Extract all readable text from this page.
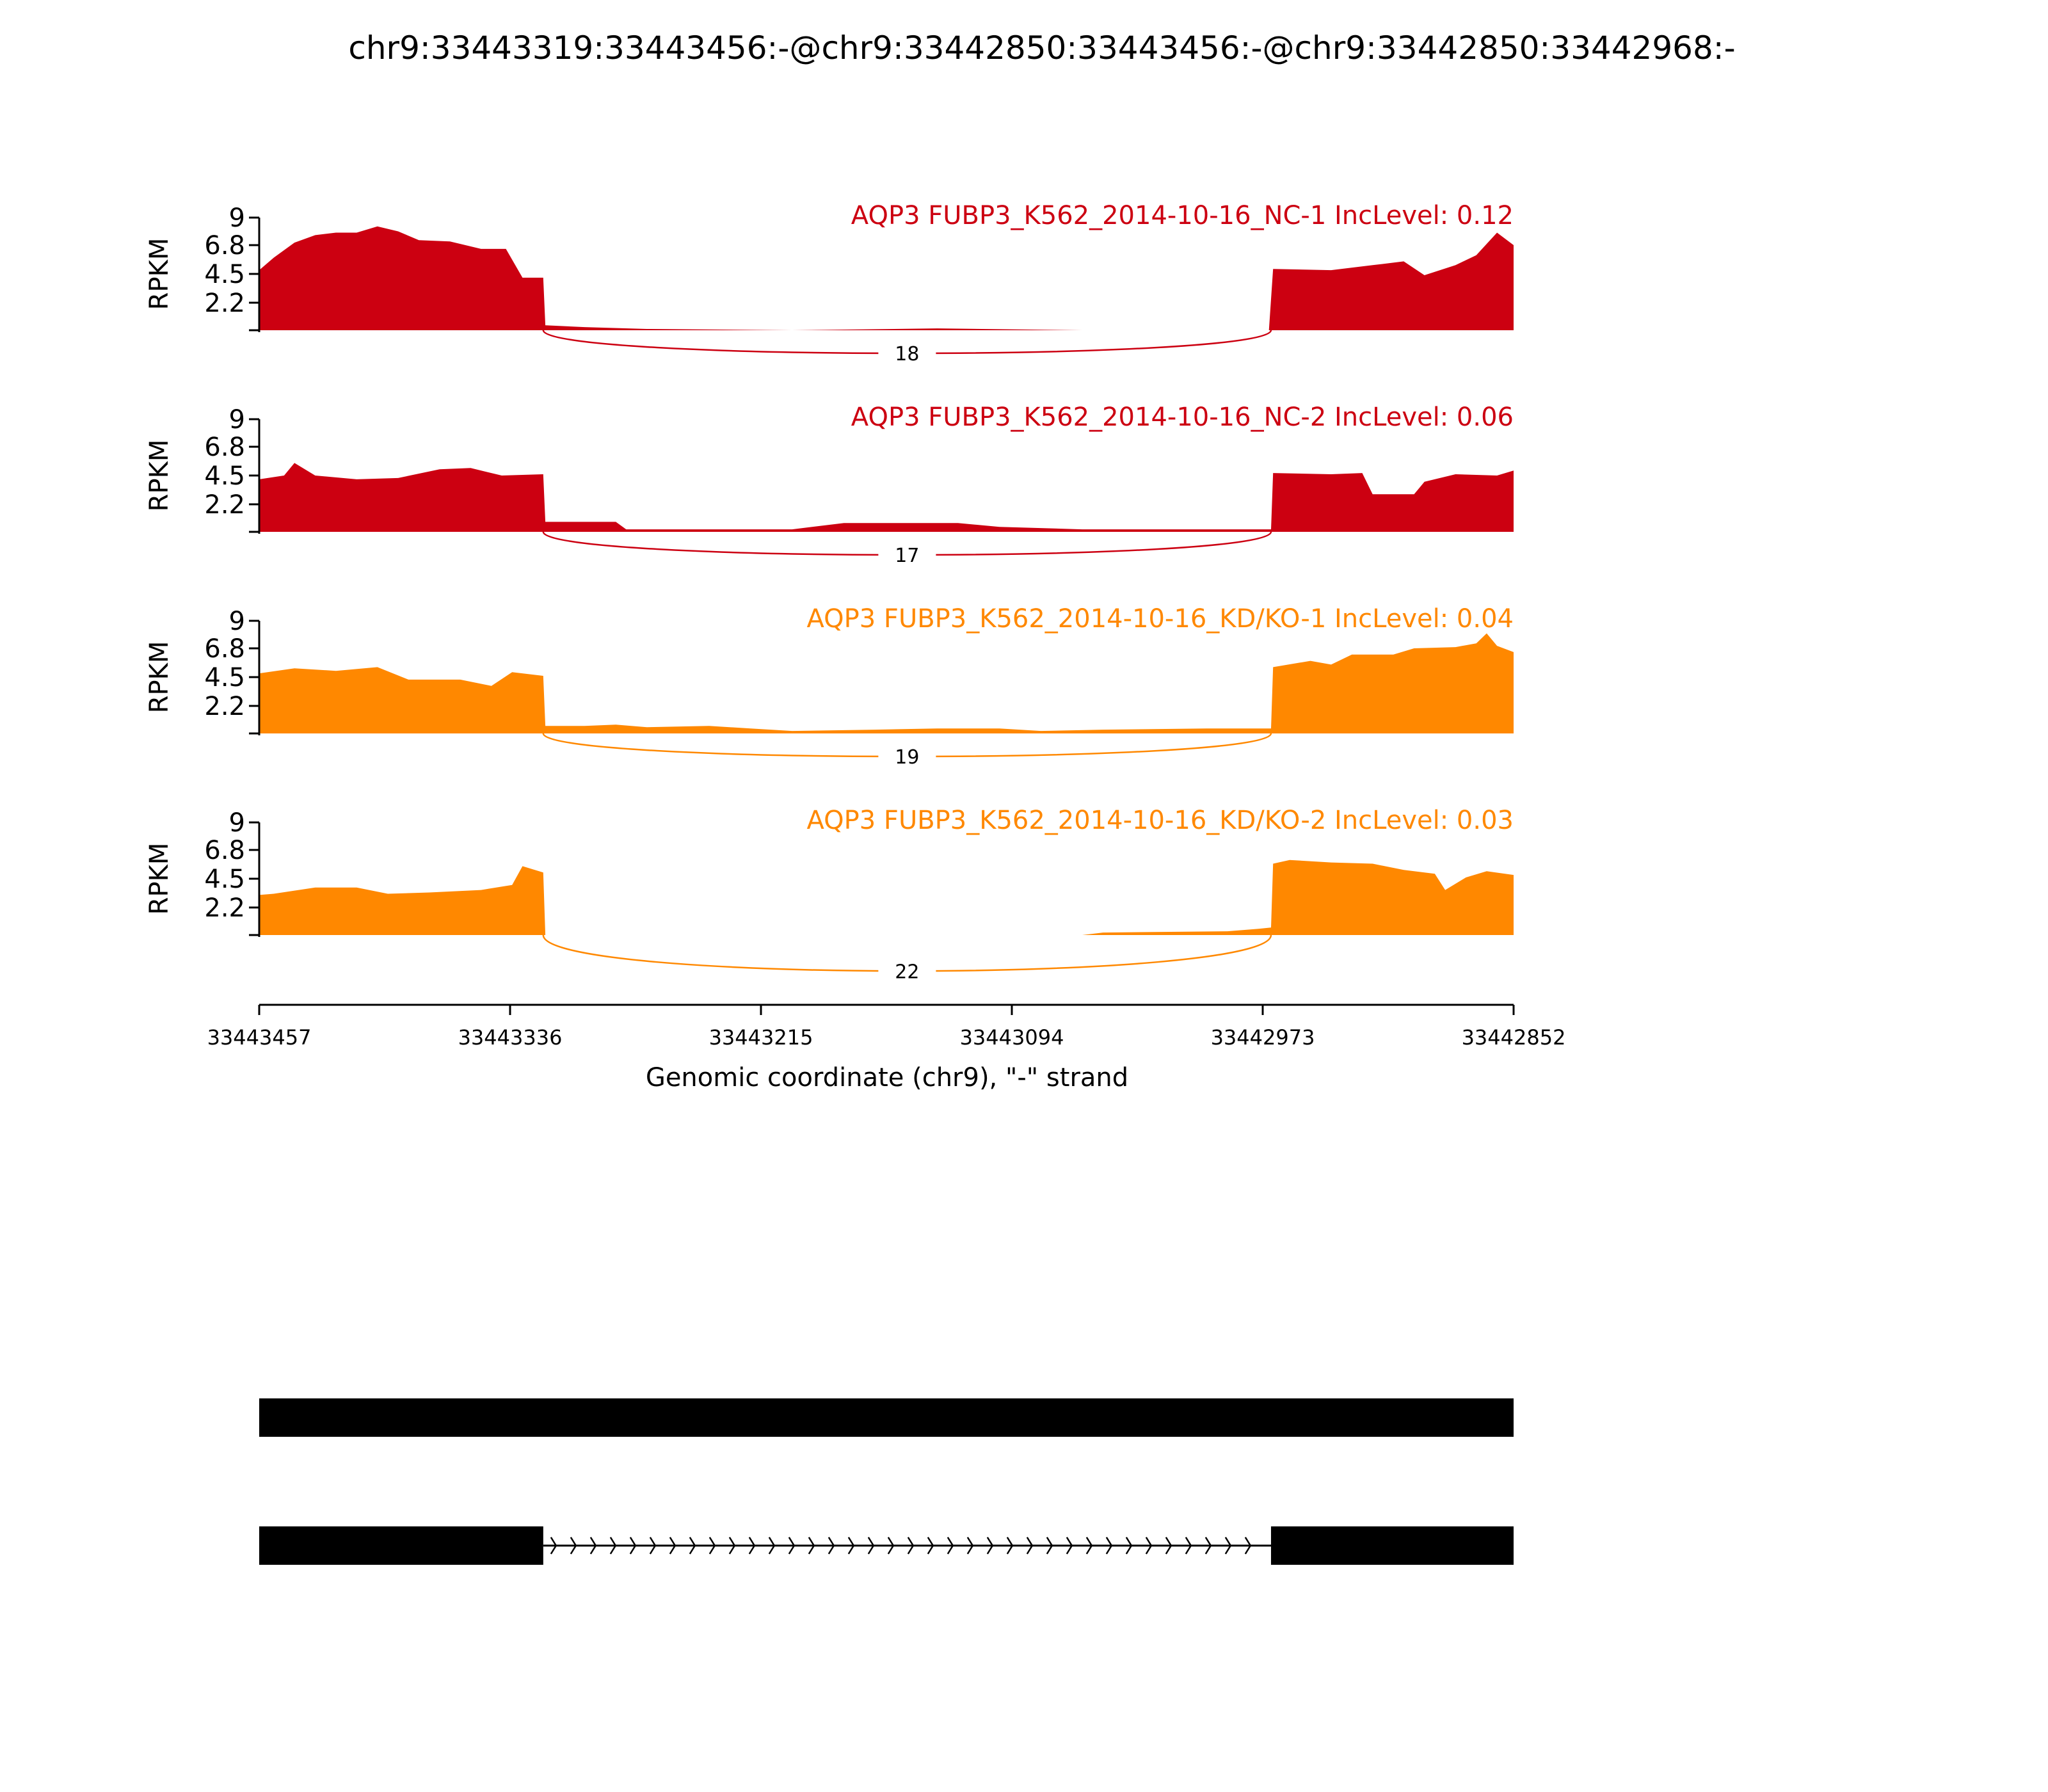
chr9:33443319:33443456:-@chr9:33442850:33443456:-@chr9:33442850:33442968:-
9
6.8
4.5
2.2
RPKM
AQP3 FUBP3_K562_2014-10-16_NC-1 IncLevel: 0.12
18
9
6.8
4.5
2.2
RPKM
AQP3 FUBP3_K562_2014-10-16_NC-2 IncLevel: 0.06
17
9
6.8
4.5
2.2
RPKM
AQP3 FUBP3_K562_2014-10-16_KD/KO-1 IncLevel: 0.04
19
9
6.8
4.5
2.2
RPKM
AQP3 FUBP3_K562_2014-10-16_KD/KO-2 IncLevel: 0.03
22
33443457	33443336	33443215	33443094	33442973	33442852
Genomic coordinate (chr9), "-" strand
